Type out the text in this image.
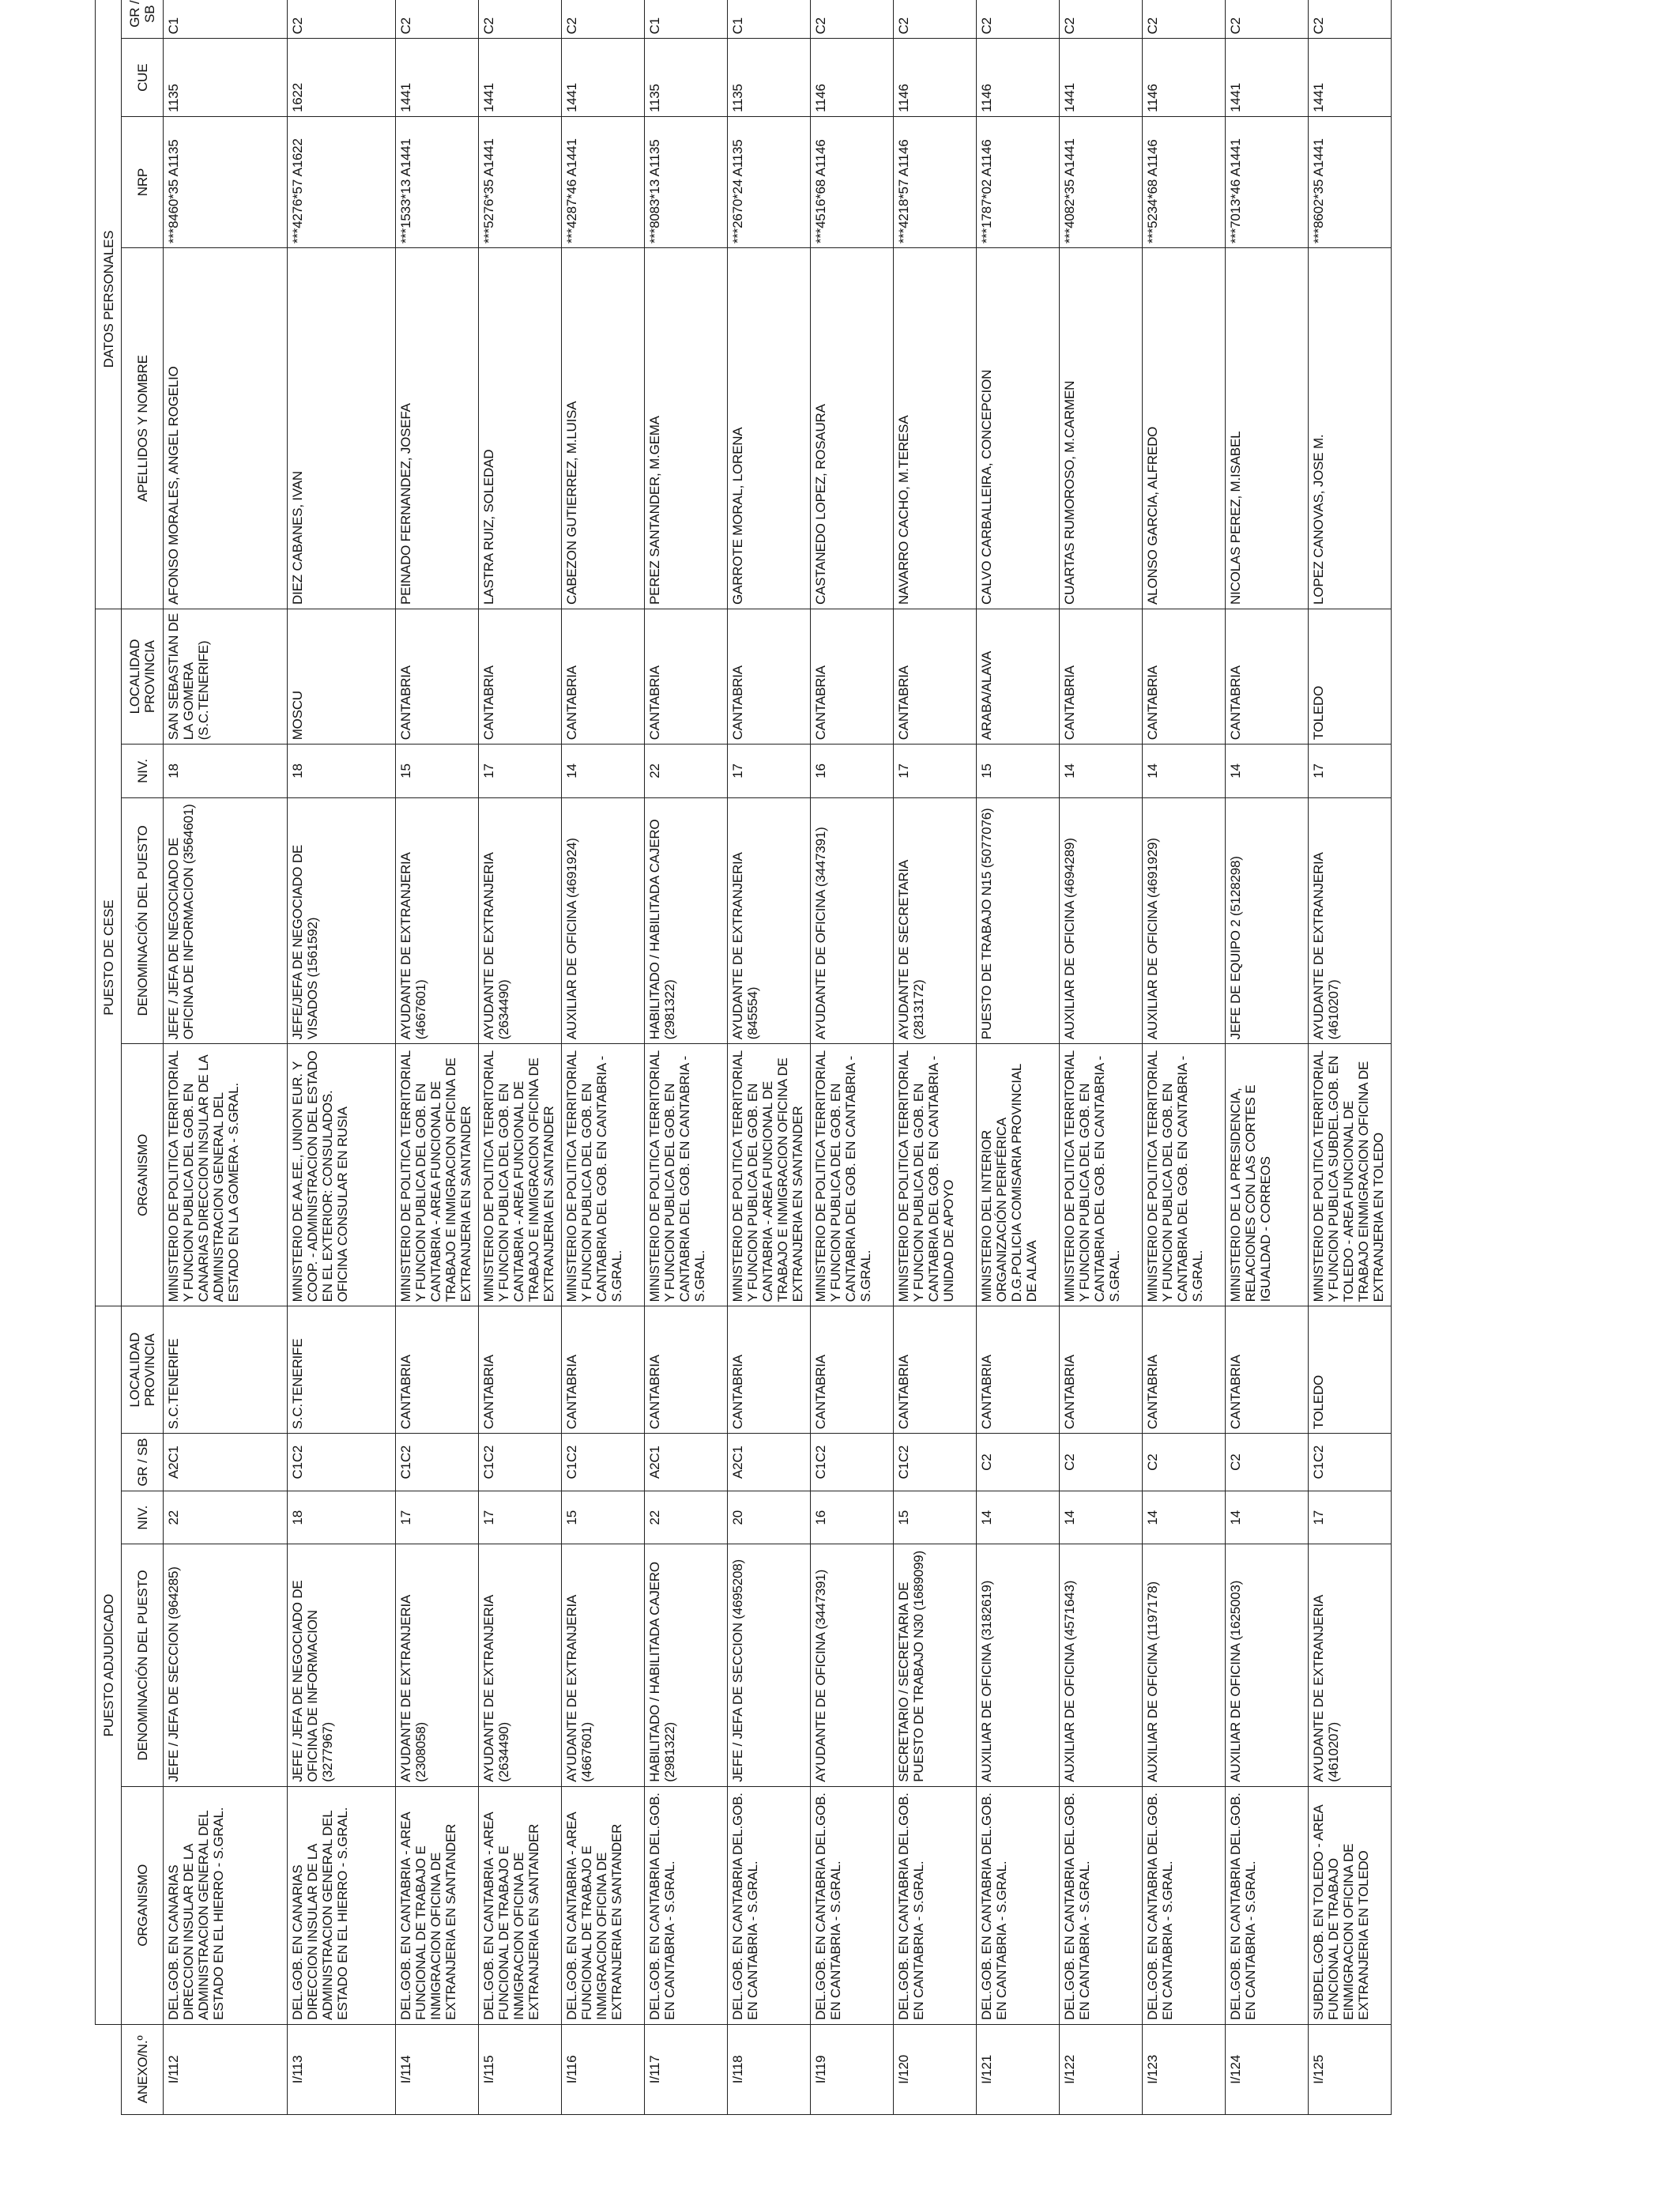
	PUESTO ADJUDICADO					PUESTO DE CESE				DATOS PERSONALES			
ANEXO/N.º	ORGANISMO	DENOMINACIÓN DEL PUESTO	NIV.	GR / SB	LOCALIDAD PROVINCIA	ORGANISMO	DENOMINACIÓN DEL PUESTO	NIV.	LOCALIDAD PROVINCIA	APELLIDOS Y NOMBRE	NRP	CUE	GR / SB
I/112	DEL.GOB. EN CANARIAS DIRECCION INSULAR DE LA ADMINISTRACION GENERAL DEL ESTADO EN EL HIERRO - S.GRAL.	JEFE / JEFA DE SECCION (964285)	22	A2C1	S.C.TENERIFE	MINISTERIO DE POLITICA TERRITORIAL Y FUNCION PUBLICA DEL GOB. EN CANARIAS DIRECCION INSULAR DE LA ADMINISTRACION GENERAL DEL ESTADO EN LA GOMERA - S.GRAL.	JEFE / JEFA DE NEGOCIADO DE OFICINA DE INFORMACION (3564601)	18	SAN SEBASTIAN DE LA GOMERA (S.C.TENERIFE)	AFONSO MORALES, ANGEL ROGELIO	***8460*35 A1135	1135	C1
I/113	DEL.GOB. EN CANARIAS DIRECCION INSULAR DE LA ADMINISTRACION GENERAL DEL ESTADO EN EL HIERRO - S.GRAL.	JEFE / JEFA DE NEGOCIADO DE OFICINA DE INFORMACION (3277967)	18	C1C2	S.C.TENERIFE	MINISTERIO DE AA.EE., UNION EUR. Y COOP. - ADMINISTRACION DEL ESTADO EN EL EXTERIOR: CONSULADOS. OFICINA CONSULAR EN RUSIA	JEFE/JEFA DE NEGOCIADO DE VISADOS (1561592)	18	MOSCU	DIEZ CABANES, IVAN	***4276*57 A1622	1622	C2
I/114	DEL.GOB. EN CANTABRIA - AREA FUNCIONAL DE TRABAJO E INMIGRACION OFICINA DE EXTRANJERIA EN SANTANDER	AYUDANTE DE EXTRANJERIA (2308058)	17	C1C2	CANTABRIA	MINISTERIO DE POLITICA TERRITORIAL Y FUNCION PUBLICA DEL GOB. EN CANTABRIA - AREA FUNCIONAL DE TRABAJO E INMIGRACION OFICINA DE EXTRANJERIA EN SANTANDER	AYUDANTE DE EXTRANJERIA (4667601)	15	CANTABRIA	PEINADO FERNANDEZ, JOSEFA	***1533*13 A1441	1441	C2
I/115	DEL.GOB. EN CANTABRIA - AREA FUNCIONAL DE TRABAJO E INMIGRACION OFICINA DE EXTRANJERIA EN SANTANDER	AYUDANTE DE EXTRANJERIA (2634490)	17	C1C2	CANTABRIA	MINISTERIO DE POLITICA TERRITORIAL Y FUNCION PUBLICA DEL GOB. EN CANTABRIA - AREA FUNCIONAL DE TRABAJO E INMIGRACION OFICINA DE EXTRANJERIA EN SANTANDER	AYUDANTE DE EXTRANJERIA (2634490)	17	CANTABRIA	LASTRA RUIZ, SOLEDAD	***5276*35 A1441	1441	C2
I/116	DEL.GOB. EN CANTABRIA - AREA FUNCIONAL DE TRABAJO E INMIGRACION OFICINA DE EXTRANJERIA EN SANTANDER	AYUDANTE DE EXTRANJERIA (4667601)	15	C1C2	CANTABRIA	MINISTERIO DE POLITICA TERRITORIAL Y FUNCION PUBLICA DEL GOB. EN CANTABRIA DEL GOB. EN CANTABRIA - S.GRAL.	AUXILIAR DE OFICINA (4691924)	14	CANTABRIA	CABEZON GUTIERREZ, M.LUISA	***4287*46 A1441	1441	C2
I/117	DEL.GOB. EN CANTABRIA DEL.GOB. EN CANTABRIA - S.GRAL.	HABILITADO / HABILITADA CAJERO (2981322)	22	A2C1	CANTABRIA	MINISTERIO DE POLITICA TERRITORIAL Y FUNCION PUBLICA DEL GOB. EN CANTABRIA DEL GOB. EN CANTABRIA - S.GRAL.	HABILITADO / HABILITADA CAJERO (2981322)	22	CANTABRIA	PEREZ SANTANDER, M.GEMA	***8083*13 A1135	1135	C1
I/118	DEL.GOB. EN CANTABRIA DEL.GOB. EN CANTABRIA - S.GRAL.	JEFE / JEFA DE SECCION (4695208)	20	A2C1	CANTABRIA	MINISTERIO DE POLITICA TERRITORIAL Y FUNCION PUBLICA DEL GOB. EN CANTABRIA - AREA FUNCIONAL DE TRABAJO E INMIGRACION OFICINA DE EXTRANJERIA EN SANTANDER	AYUDANTE DE EXTRANJERIA (845554)	17	CANTABRIA	GARROTE MORAL, LORENA	***2670*24 A1135	1135	C1
I/119	DEL.GOB. EN CANTABRIA DEL.GOB. EN CANTABRIA - S.GRAL.	AYUDANTE DE OFICINA (3447391)	16	C1C2	CANTABRIA	MINISTERIO DE POLITICA TERRITORIAL Y FUNCION PUBLICA DEL GOB. EN CANTABRIA DEL GOB. EN CANTABRIA - S.GRAL.	AYUDANTE DE OFICINA (3447391)	16	CANTABRIA	CASTANEDO LOPEZ, ROSAURA	***4516*68 A1146	1146	C2
I/120	DEL.GOB. EN CANTABRIA DEL.GOB. EN CANTABRIA - S.GRAL.	SECRETARIO / SECRETARIA DE PUESTO DE TRABAJO N30 (1689099)	15	C1C2	CANTABRIA	MINISTERIO DE POLITICA TERRITORIAL Y FUNCION PUBLICA DEL GOB. EN CANTABRIA DEL GOB. EN CANTABRIA - UNIDAD DE APOYO	AYUDANTE DE SECRETARIA (2813172)	17	CANTABRIA	NAVARRO CACHO, M.TERESA	***4218*57 A1146	1146	C2
I/121	DEL.GOB. EN CANTABRIA DEL.GOB. EN CANTABRIA - S.GRAL.	AUXILIAR DE OFICINA (3182619)	14	C2	CANTABRIA	MINISTERIO DEL INTERIOR ORGANIZACIÓN PERIFÉRICA D.G.POLICIA COMISARIA PROVINCIAL DE ALAVA	PUESTO DE TRABAJO N15 (5077076)	15	ARABA/ALAVA	CALVO CARBALLEIRA, CONCEPCION	***1787*02 A1146	1146	C2
I/122	DEL.GOB. EN CANTABRIA DEL.GOB. EN CANTABRIA - S.GRAL.	AUXILIAR DE OFICINA (4571643)	14	C2	CANTABRIA	MINISTERIO DE POLITICA TERRITORIAL Y FUNCION PUBLICA DEL GOB. EN CANTABRIA DEL GOB. EN CANTABRIA - S.GRAL.	AUXILIAR DE OFICINA (4694289)	14	CANTABRIA	CUARTAS RUMOROSO, M.CARMEN	***4082*35 A1441	1441	C2
I/123	DEL.GOB. EN CANTABRIA DEL.GOB. EN CANTABRIA - S.GRAL.	AUXILIAR DE OFICINA (1197178)	14	C2	CANTABRIA	MINISTERIO DE POLITICA TERRITORIAL Y FUNCION PUBLICA DEL GOB. EN CANTABRIA DEL GOB. EN CANTABRIA - S.GRAL.	AUXILIAR DE OFICINA (4691929)	14	CANTABRIA	ALONSO GARCIA, ALFREDO	***5234*68 A1146	1146	C2
I/124	DEL.GOB. EN CANTABRIA DEL.GOB. EN CANTABRIA - S.GRAL.	AUXILIAR DE OFICINA (1625003)	14	C2	CANTABRIA	MINISTERIO DE LA PRESIDENCIA, RELACIONES CON LAS CORTES E IGUALDAD - CORREOS	JEFE DE EQUIPO 2 (5128298)	14	CANTABRIA	NICOLAS PEREZ, M.ISABEL	***7013*46 A1441	1441	C2
I/125	SUBDEL.GOB. EN TOLEDO - AREA FUNCIONAL DE TRABAJO EINMIGRACION OFICINA DE EXTRANJERIA EN TOLEDO	AYUDANTE DE EXTRANJERIA (4610207)	17	C1C2	TOLEDO	MINISTERIO DE POLITICA TERRITORIAL Y FUNCION PUBLICA SUBDEL.GOB. EN TOLEDO - AREA FUNCIONAL DE TRABAJO EINMIGRACION OFICINA DE EXTRANJERIA EN TOLEDO	AYUDANTE DE EXTRANJERIA (4610207)	17	TOLEDO	LOPEZ CANOVAS, JOSE M.	***8602*35 A1441	1441	C2
